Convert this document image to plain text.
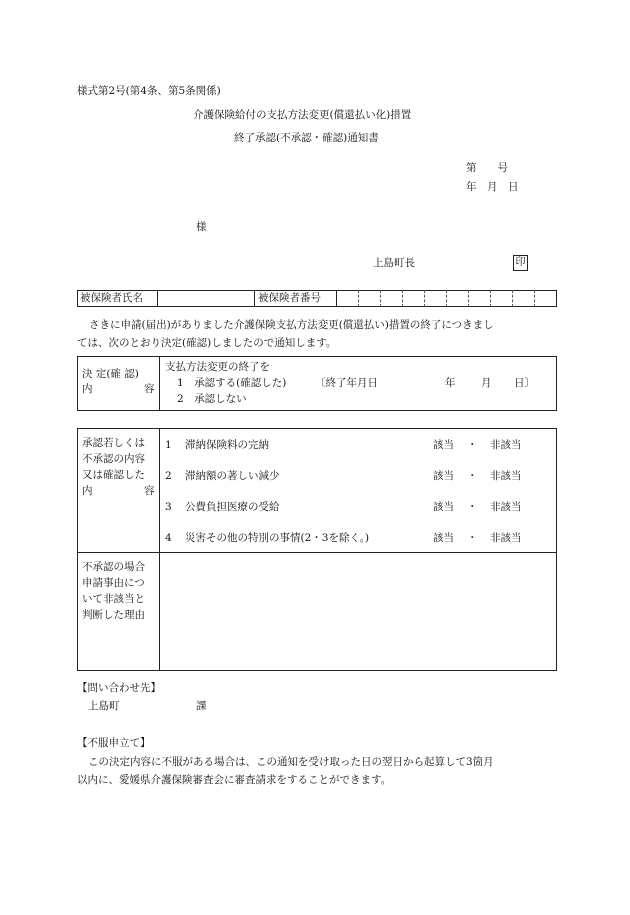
様式第2号(第4条、第5条関係)
介護保険給付の支払方法変更(償還払い化)措置
終了承認(不承認・確認)通知書
第　　号
年　月　日
様
上島町長	印
被保険者氏名	被保険者番号
さきに申請(届出)がありました介護保険支払方法変更(償還払い)措置の終了につきまし
ては、次のとおり決定(確認)しましたので通知します。
決 定(確 認)
内	容
支払方法変更の終了を
1　承認する(確認した)	〔終了年月日	年 月 日〕
2　承認しない
承認若しくは
不承認の内容
又は確認した
内	容
1 滞納保険料の完納	該当 ・ 非該当
2 滞納額の著しい減少	該当 ・ 非該当
3 公費負担医療の受給	該当 ・ 非該当
4 災害その他の特別の事情(2・3を除く。)	該当 ・ 非該当
不承認の場合
申請事由につ
いて非該当と
判断した理由
【問い合わせ先】
上島町	課
【不服申立て】
この決定内容に不服がある場合は、この通知を受け取った日の翌日から起算して3箇月
以内に、愛媛県介護保険審査会に審査請求をすることができます。
